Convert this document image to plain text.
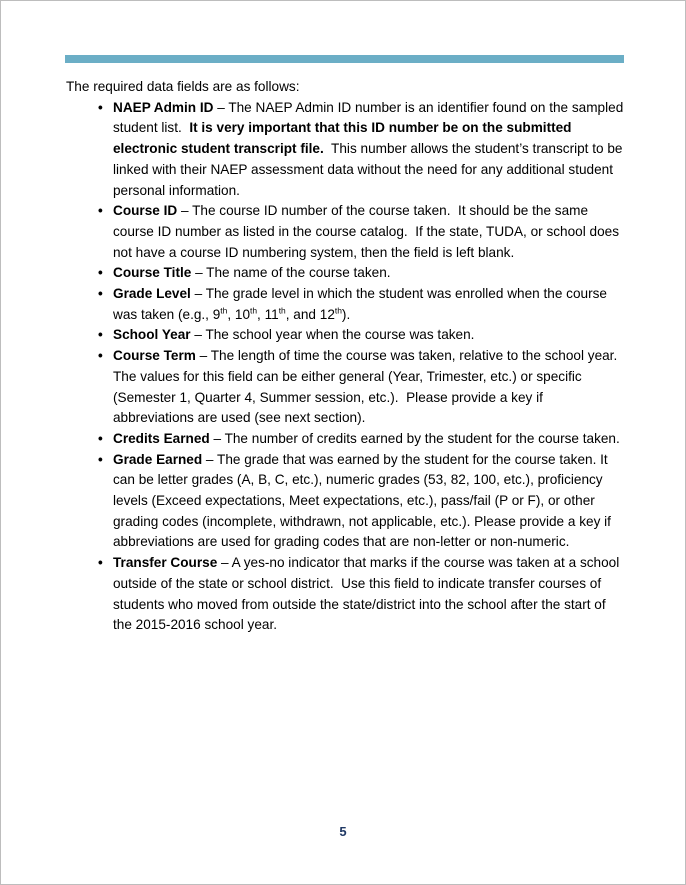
The required data fields are as follows:

• NAEP Admin ID – The NAEP Admin ID number is an identifier found on the sampled student list.  It is very important that this ID number be on the submitted electronic student transcript file.  This number allows the student’s transcript to be linked with their NAEP assessment data without the need for any additional student personal information.
• Course ID – The course ID number of the course taken.  It should be the same course ID number as listed in the course catalog.  If the state, TUDA, or school does not have a course ID numbering system, then the field is left blank.
• Course Title – The name of the course taken.
• Grade Level – The grade level in which the student was enrolled when the course was taken (e.g., 9th, 10th, 11th, and 12th).
• School Year – The school year when the course was taken.
• Course Term – The length of time the course was taken, relative to the school year.  The values for this field can be either general (Year, Trimester, etc.) or specific (Semester 1, Quarter 4, Summer session, etc.).  Please provide a key if abbreviations are used (see next section).
• Credits Earned – The number of credits earned by the student for the course taken.
• Grade Earned – The grade that was earned by the student for the course taken. It can be letter grades (A, B, C, etc.), numeric grades (53, 82, 100, etc.), proficiency levels (Exceed expectations, Meet expectations, etc.), pass/fail (P or F), or other grading codes (incomplete, withdrawn, not applicable, etc.). Please provide a key if abbreviations are used for grading codes that are non-letter or non-numeric.
• Transfer Course – A yes-no indicator that marks if the course was taken at a school outside of the state or school district.  Use this field to indicate transfer courses of students who moved from outside the state/district into the school after the start of the 2015-2016 school year.
5
